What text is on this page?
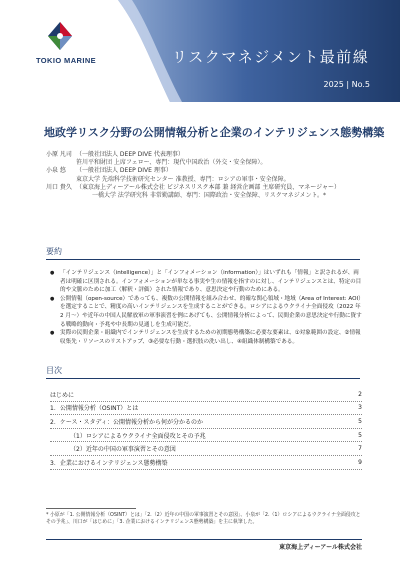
TOKIO MARINE	リスクマネジメント最前線
2025 | No.5
地政学リスク分野の公開情報分析と企業のインテリジェンス態勢構築
小原 凡司 （一般社団法人 DEEP DIVE 代表理事）
笹川平和財団 上席フェロー、専門：現代中国政治（外交・安全保障）。
小泉 悠	（一般社団法人 DEEP DIVE 理事）
東京大学 先端科学技術研究センター 准教授、専門：ロシアの軍事・安全保障。
川口 貴久 （東京海上ディーアール株式会社 ビジネスリスク本部 兼 経営企画部 主席研究員、マネージャー）
一橋大学 法学研究科 非常勤講師、専門：国際政治・安全保障、リスクマネジメント。*
要約
●	「インテリジェンス（intelligence）」と「インフォメーション（information）」はいずれも「情報」と訳されるが、両者は明確に区別される。インフォメーションが単なる事実や生の情報を指すのに対し、インテリジェンスとは、特定の目的や文脈のために加工（解釈・評価）された情報であり、意思決定や行動のためにある。
●	公開情報（open-source）であっても、複数の公開情報を組み合わせ、的確な関心領域・地域（Area of Interest: AOI）を選定することで、精度の高いインテリジェンスを生成することができる。ロシアによるウクライナ全面侵攻（2022 年 2 月〜）や近年の中国人民解放軍の軍事演習を例にあげても、公開情報分析によって、民間企業の意思決定や行動に資する戦略的動向・予兆や中長期の見通しを生成可能だ。
●	実際の民間企業・組織内でインテリジェンスを生成するための初期態勢構築に必要な要素は、①対象範囲の設定、②情報収集先・リソースのリストアップ、③必要な行動・選択肢の洗い出し、④組織体制構築である。
目次
はじめに	2
1．公開情報分析（OSINT）とは	3
2．ケース・スタディ：公開情報分析から何が分かるのか	5
（1）ロシアによるウクライナ全面侵攻とその予兆	5
（2）近年の中国の軍事演習とその意図	7
3．企業におけるインテリジェンス態勢構築	9
* 小原が「1. 公開情報分析（OSINT）とは」「2.（2）近年の中国の軍事演習とその意図」、小泉が「2.（1）ロシアによるウクライナ全面侵攻とその予兆」、川口が「はじめに」「3. 企業におけるインテリジェンス態勢構築」を主に執筆した。
東京海上ディーアール株式会社
